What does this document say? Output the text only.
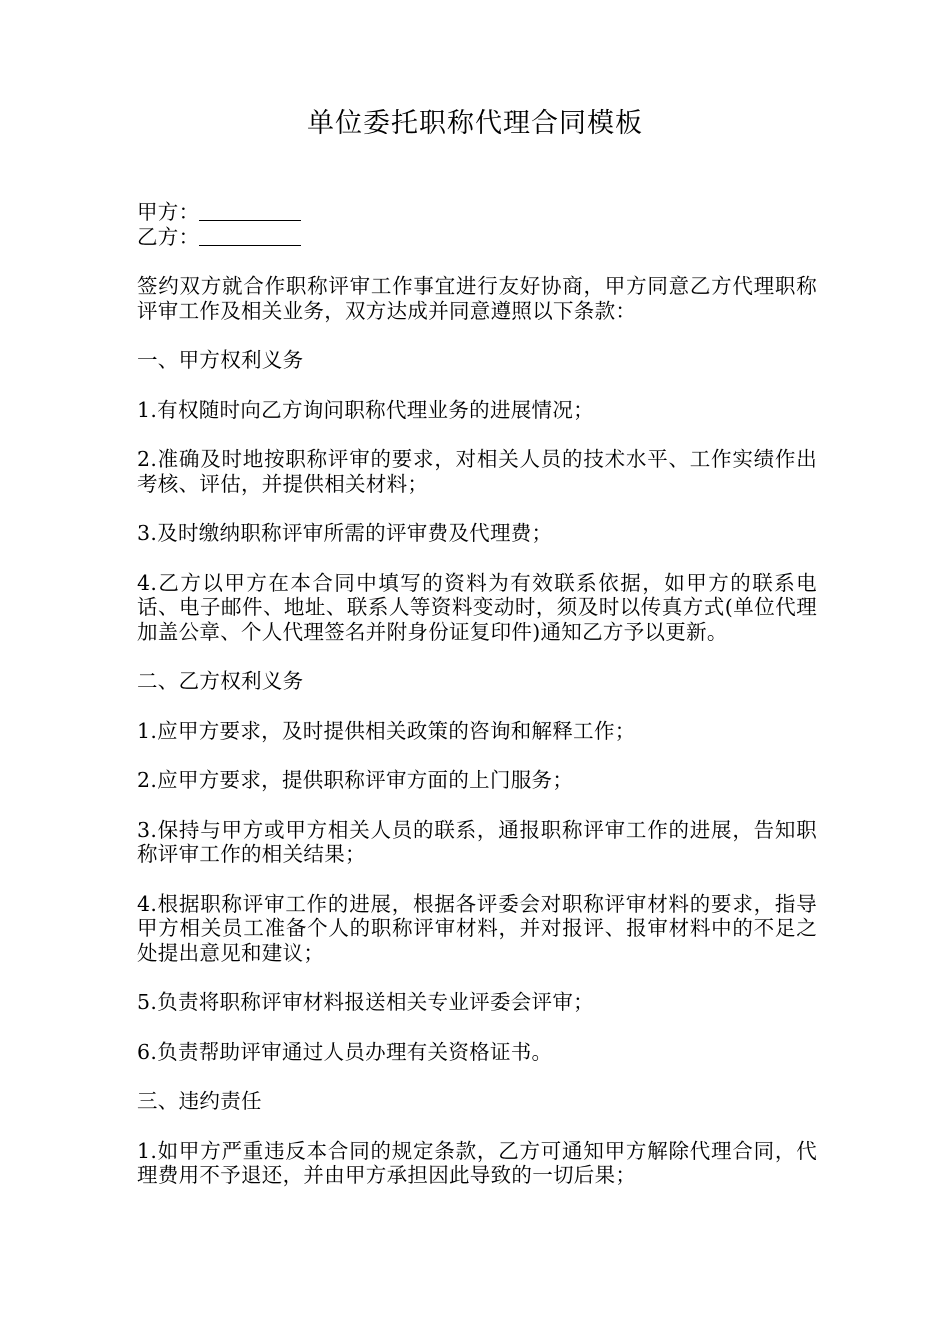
单位委托职称代理合同模板

甲方：

乙方：

签约双方就合作职称评审工作事宜进行友好协商，甲方同意乙方代理职称评审工作及相关业务，双方达成并同意遵照以下条款：

一、甲方权利义务

1.有权随时向乙方询问职称代理业务的进展情况；

2.准确及时地按职称评审的要求，对相关人员的技术水平、工作实绩作出考核、评估，并提供相关材料；

3.及时缴纳职称评审所需的评审费及代理费；

4.乙方以甲方在本合同中填写的资料为有效联系依据，如甲方的联系电话、电子邮件、地址、联系人等资料变动时，须及时以传真方式(单位代理加盖公章、个人代理签名并附身份证复印件)通知乙方予以更新。

二、乙方权利义务

1.应甲方要求，及时提供相关政策的咨询和解释工作；

2.应甲方要求，提供职称评审方面的上门服务；

3.保持与甲方或甲方相关人员的联系，通报职称评审工作的进展，告知职称评审工作的相关结果；

4.根据职称评审工作的进展，根据各评委会对职称评审材料的要求，指导甲方相关员工准备个人的职称评审材料，并对报评、报审材料中的不足之处提出意见和建议；

5.负责将职称评审材料报送相关专业评委会评审；

6.负责帮助评审通过人员办理有关资格证书。

三、违约责任

1.如甲方严重违反本合同的规定条款，乙方可通知甲方解除代理合同，代理费用不予退还，并由甲方承担因此导致的一切后果；
